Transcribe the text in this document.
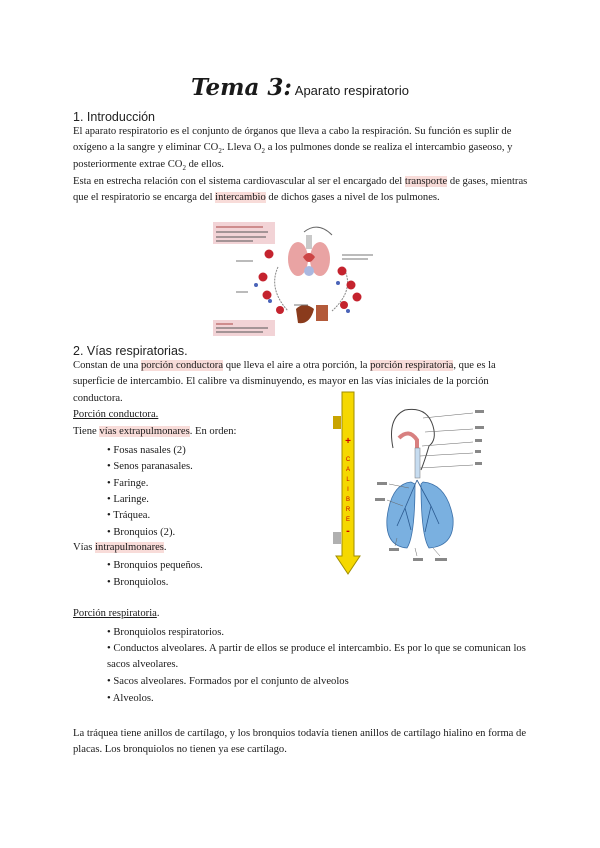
Tema 3: Aparato respiratorio
1. Introducción

El aparato respiratorio es el conjunto de órganos que lleva a cabo la respiración. Su función es suplir de oxígeno a la sangre y eliminar $CO_2$. Lleva $O_2$ a los pulmones donde se realiza el intercambio gaseoso, y posteriormente extrae $CO_2$ de ellos.

Esta en estrecha relación con el sistema cardiovascular al ser el encargado del transporte de gases, mientras que el respiratorio se encarga del intercambio de dichos gases a nivel de los pulmones.

2. Vías respiratorias.

Constan de una porción conductora que lleva el aire a otra porción, la porción respiratoria, que es la superficie de intercambio. El calibre va disminuyendo, es mayor en las vías iniciales de la porción conductora.

Porción conductora.
Tiene vías extrapulmonares. En orden:
• Fosas nasales (2)
• Senos paranasales.
• Faringe.
• Laringe.
• Tráquea.
• Bronquios (2).
Vías intrapulmonares.
• Bronquios pequeños.
• Bronquiolos.
+
-
C
A
L
I
B
R
E
Porción respiratoria.
• Bronquiolos respiratorios.
• Conductos alveolares. A partir de ellos se produce el intercambio. Es por lo que se comunican los
sacos alveolares.
• Sacos alveolares. Formados por el conjunto de alveolos
• Alveolos.

La tráquea tiene anillos de cartílago, y los bronquios todavía tienen anillos de cartílago hialino en forma de placas. Los bronquiolos no tienen ya ese cartílago.
